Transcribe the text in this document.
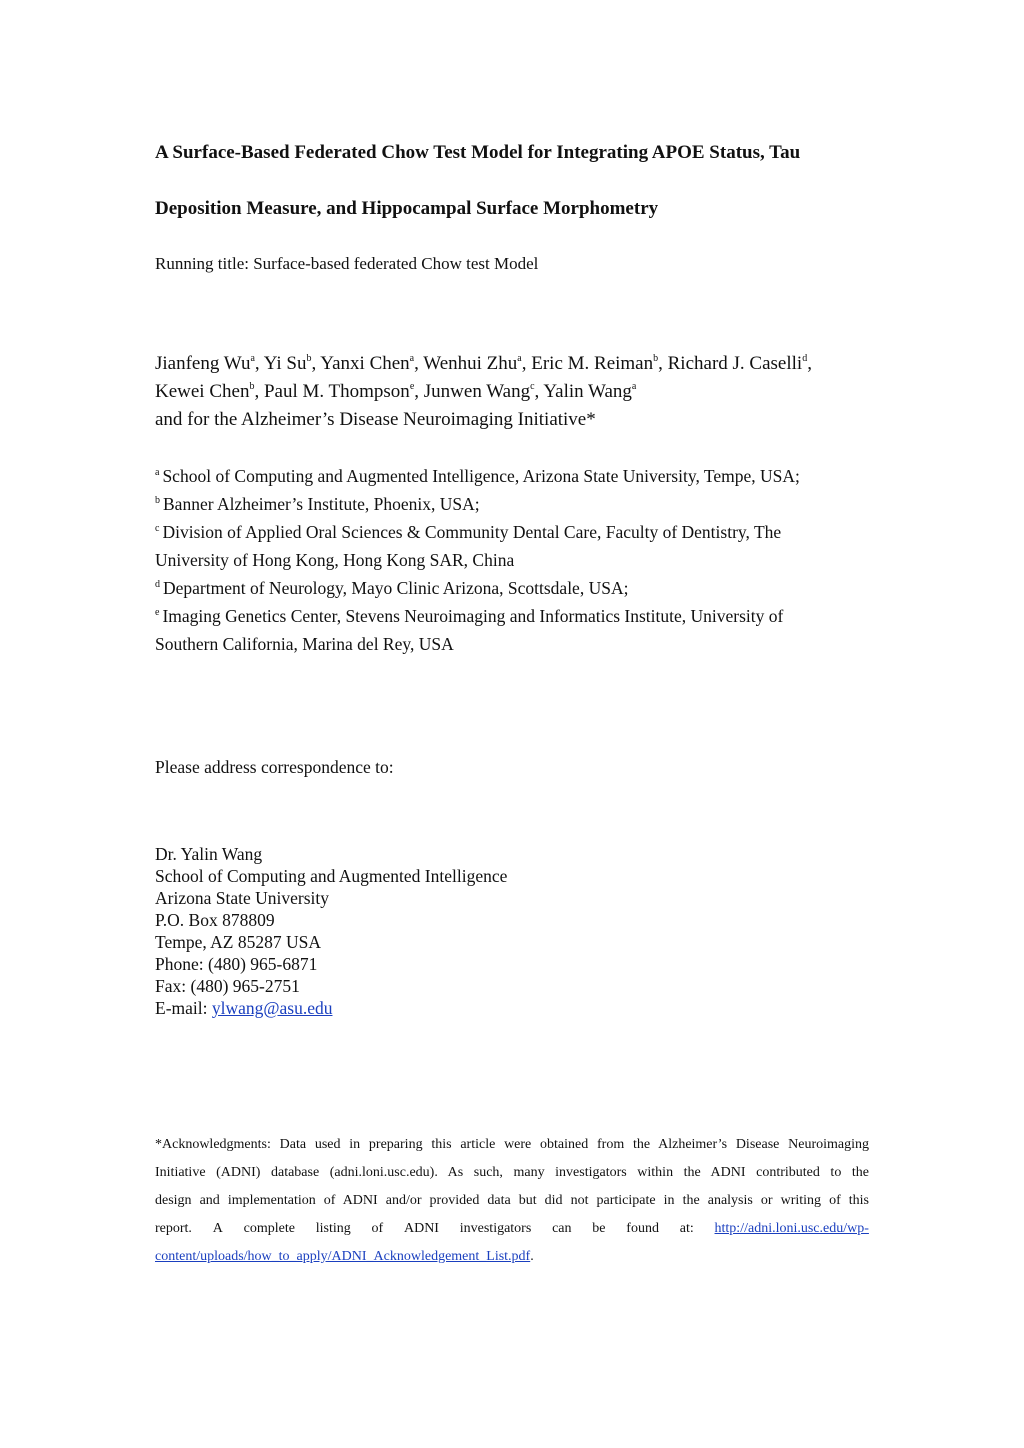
A Surface-Based Federated Chow Test Model for Integrating APOE Status, Tau
Deposition Measure, and Hippocampal Surface Morphometry
Running title: Surface-based federated Chow test Model
Jianfeng Wu$^a$, Yi Su$^b$, Yanxi Chen$^a$, Wenhui Zhu$^a$, Eric M. Reiman$^b$, Richard J. Caselli$^d$,
Kewei Chen$^b$, Paul M. Thompson$^e$, Junwen Wang$^c$, Yalin Wang$^a$
and for the Alzheimer’s Disease Neuroimaging Initiative*
$^a$ School of Computing and Augmented Intelligence, Arizona State University, Tempe, USA;
$^b$ Banner Alzheimer’s Institute, Phoenix, USA;
$^c$ Division of Applied Oral Sciences & Community Dental Care, Faculty of Dentistry, The
University of Hong Kong, Hong Kong SAR, China
$^d$ Department of Neurology, Mayo Clinic Arizona, Scottsdale, USA;
$^e$ Imaging Genetics Center, Stevens Neuroimaging and Informatics Institute, University of
Southern California, Marina del Rey, USA
Please address correspondence to:
Dr. Yalin Wang
School of Computing and Augmented Intelligence
Arizona State University
P.O. Box 878809
Tempe, AZ 85287 USA
Phone: (480) 965-6871
Fax: (480) 965-2751
E-mail: ylwang@asu.edu
*Acknowledgments: Data used in preparing this article were obtained from the Alzheimer’s Disease Neuroimaging
Initiative (ADNI) database (adni.loni.usc.edu). As such, many investigators within the ADNI contributed to the
design and implementation of ADNI and/or provided data but did not participate in the analysis or writing of this
report. A complete listing of ADNI investigators can be found at: http://adni.loni.usc.edu/wp-
content/uploads/how_to_apply/ADNI_Acknowledgement_List.pdf.
